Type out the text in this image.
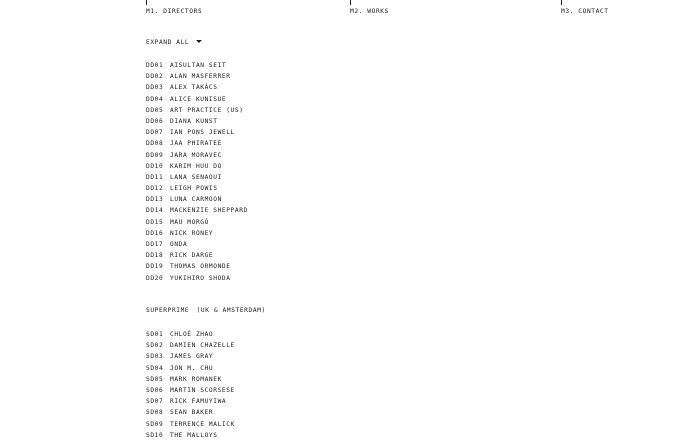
M1. DIRECTORS	M2. WORKS	M3. CONTACT
EXPAND ALL
DD01 AISULTAN SEIT
DD02 ALAN MASFERRER
DD03 ALEX TAKÁCS
DD04 ALICE KUNISUE
DD05 ART PRACTICE (US)
DD06 DIANA KUNST
DD07 IAN PONS JEWELL
DD08 JAA PHIRATEE
DD09 JARA MORAVEC
DD10 KARIM HUU DO
DD11 LANA SENAOUI
DD12 LEIGH POWIS
DD13 LUNA CARMOON
DD14 MACKENZIE SHEPPARD
DD15 MAU MORGÓ
DD16 NICK RONEY
DD17 ONDA
DD18 RICK DARGE
DD19 THOMAS ORMONDE
DD20 YUKIHIRO SHODA
SUPERPRIME (UK & AMSTERDAM)
SD01 CHLOÉ ZHAO
SD02 DAMIEN CHAZELLE
SD03 JAMES GRAY
SD04 JON M. CHU
SD05 MARK ROMANEK
SD06 MARTIN SCORSESE
SD07 RICK FAMUYIWA
SD08 SEAN BAKER
SD09 TERRENCE MALICK
SD10 THE MALLOYS
